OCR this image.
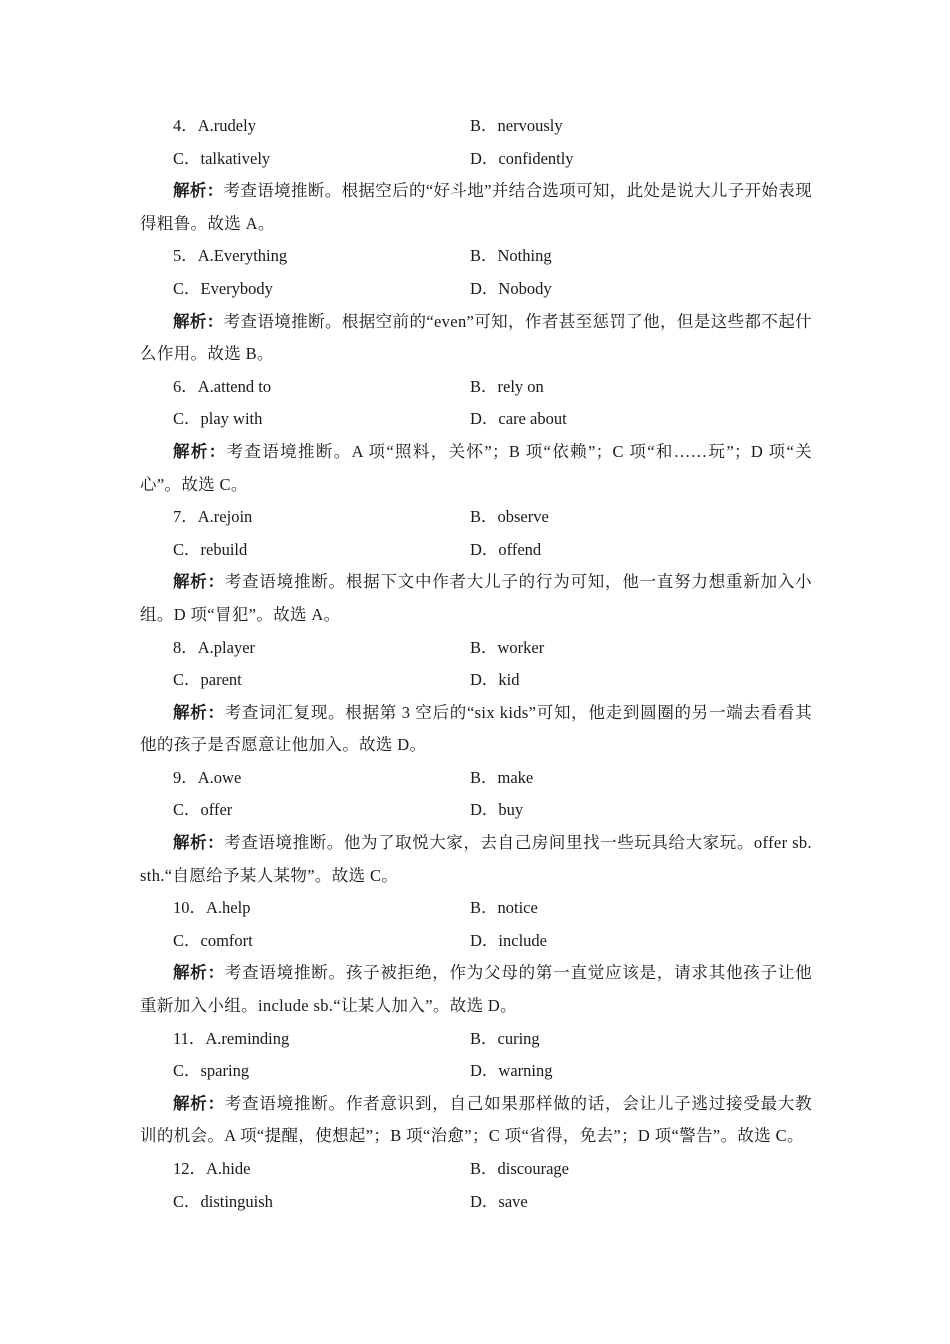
4．A.rudely	B．nervously
C．talkatively	D．confidently

解析：考查语境推断。根据空后的“好斗地”并结合选项可知，此处是说大儿子开始表现得粗鲁。故选 A。

5．A.Everything	B．Nothing
C．Everybody	D．Nobody

解析：考查语境推断。根据空前的“even”可知，作者甚至惩罚了他，但是这些都不起什么作用。故选 B。

6．A.attend to	B．rely on
C．play with	D．care about

解析：考查语境推断。A 项“照料，关怀”；B 项“依赖”；C 项“和……玩”；D 项“关心”。故选 C。

7．A.rejoin	B．observe
C．rebuild	D．offend

解析：考查语境推断。根据下文中作者大儿子的行为可知，他一直努力想重新加入小组。D 项“冒犯”。故选 A。

8．A.player	B．worker
C．parent	D．kid

解析：考查词汇复现。根据第 3 空后的“six kids”可知，他走到圆圈的另一端去看看其他的孩子是否愿意让他加入。故选 D。

9．A.owe	B．make
C．offer	D．buy

解析：考查语境推断。他为了取悦大家，去自己房间里找一些玩具给大家玩。offer sb. sth.“自愿给予某人某物”。故选 C。

10．A.help	B．notice
C．comfort	D．include

解析：考查语境推断。孩子被拒绝，作为父母的第一直觉应该是，请求其他孩子让他重新加入小组。include sb.“让某人加入”。故选 D。

11．A.reminding	B．curing
C．sparing	D．warning

解析：考查语境推断。作者意识到，自己如果那样做的话，会让儿子逃过接受最大教训的机会。A 项“提醒，使想起”；B 项“治愈”；C 项“省得，免去”；D 项“警告”。故选 C。

12．A.hide	B．discourage
C．distinguish	D．save
